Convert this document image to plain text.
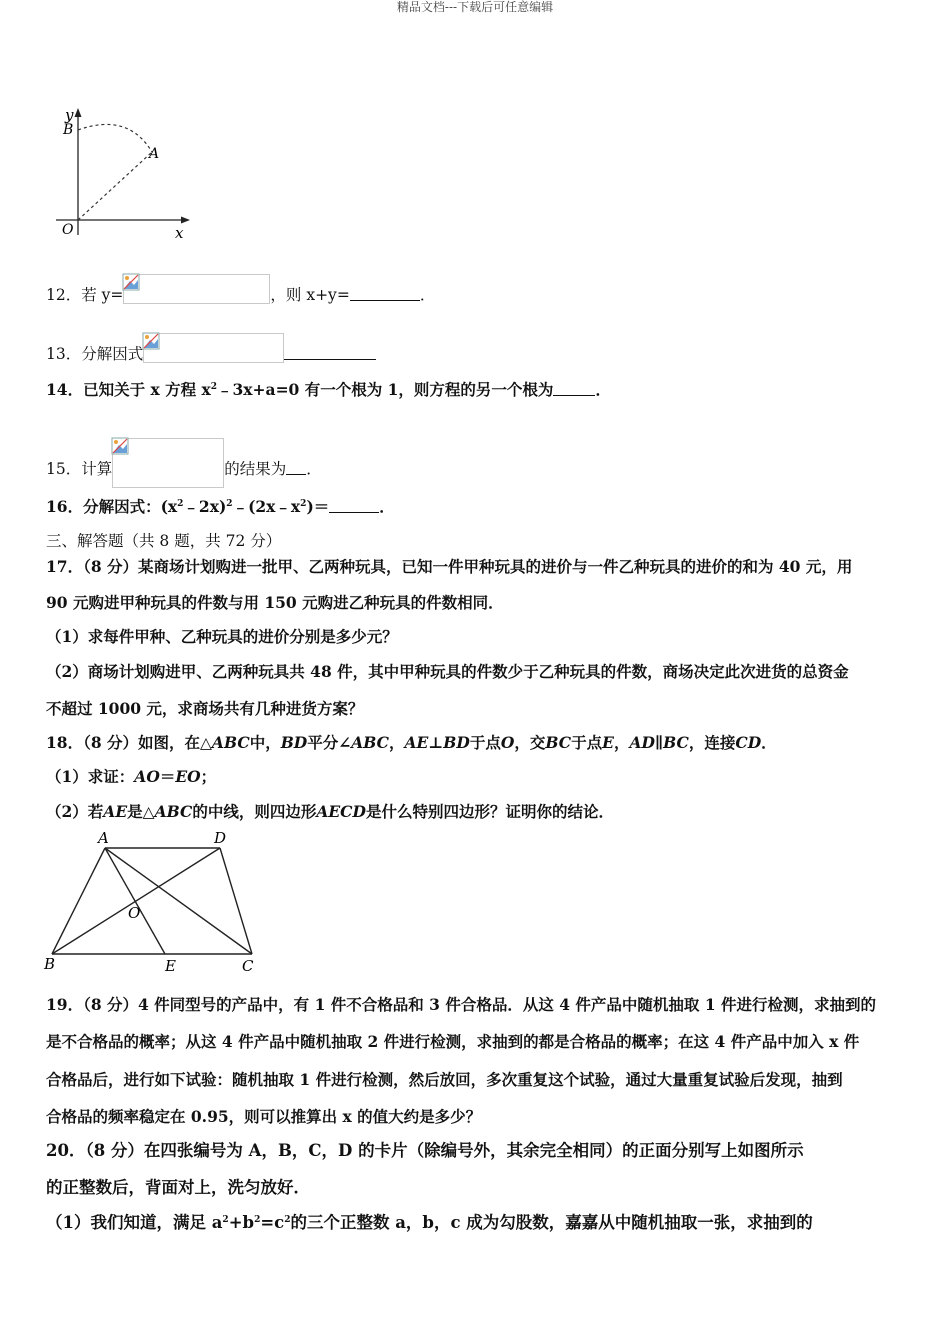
精品文档---下载后可任意编辑
y
B
A
O	x
12．若 y=	，则 x+y=	．
13．分解因式
14．已知关于 x 方程 $x^2﹣3x+a=0$ 有一个根为 1，则方程的另一个根为	．
15．计算	的结果为 ．
16．分解因式：$(x^2﹣2x)^2﹣(2x﹣x^2)=$	．
三、解答题（共 8 题，共 72 分）
17．（8 分）某商场计划购进一批甲、乙两种玩具，已知一件甲种玩具的进价与一件乙种玩具的进价的和为 40 元，用
90 元购进甲种玩具的件数与用 150 元购进乙种玩具的件数相同．
（1）求每件甲种、乙种玩具的进价分别是多少元？
（2）商场计划购进甲、乙两种玩具共 48 件，其中甲种玩具的件数少于乙种玩具的件数，商场决定此次进货的总资金
不超过 1000 元，求商场共有几种进货方案？
18．（8 分）如图，在△ABC中，BD平分∠ABC，AE⊥BD于点O，交BC于点E，AD∥BC，连接CD．
（1）求证：AO＝EO；
（2）若AE是△ABC的中线，则四边形AECD是什么特别四边形？证明你的结论．
A	D
O
B	E	C
19．（8 分）4 件同型号的产品中，有 1 件不合格品和 3 件合格品．从这 4 件产品中随机抽取 1 件进行检测，求抽到的
是不合格品的概率；从这 4 件产品中随机抽取 2 件进行检测，求抽到的都是合格品的概率；在这 4 件产品中加入 x 件
合格品后，进行如下试验：随机抽取 1 件进行检测，然后放回，多次重复这个试验，通过大量重复试验后发现，抽到
合格品的频率稳定在 0.95，则可以推算出 x 的值大约是多少？
20．（8 分）在四张编号为 A，B，C，D 的卡片（除编号外，其余完全相同）的正面分别写上如图所示
的正整数后，背面对上，洗匀放好．
（1）我们知道，满足 $a^2+b^2=c^2$的三个正整数 a，b，c 成为勾股数，嘉嘉从中随机抽取一张，求抽到的
